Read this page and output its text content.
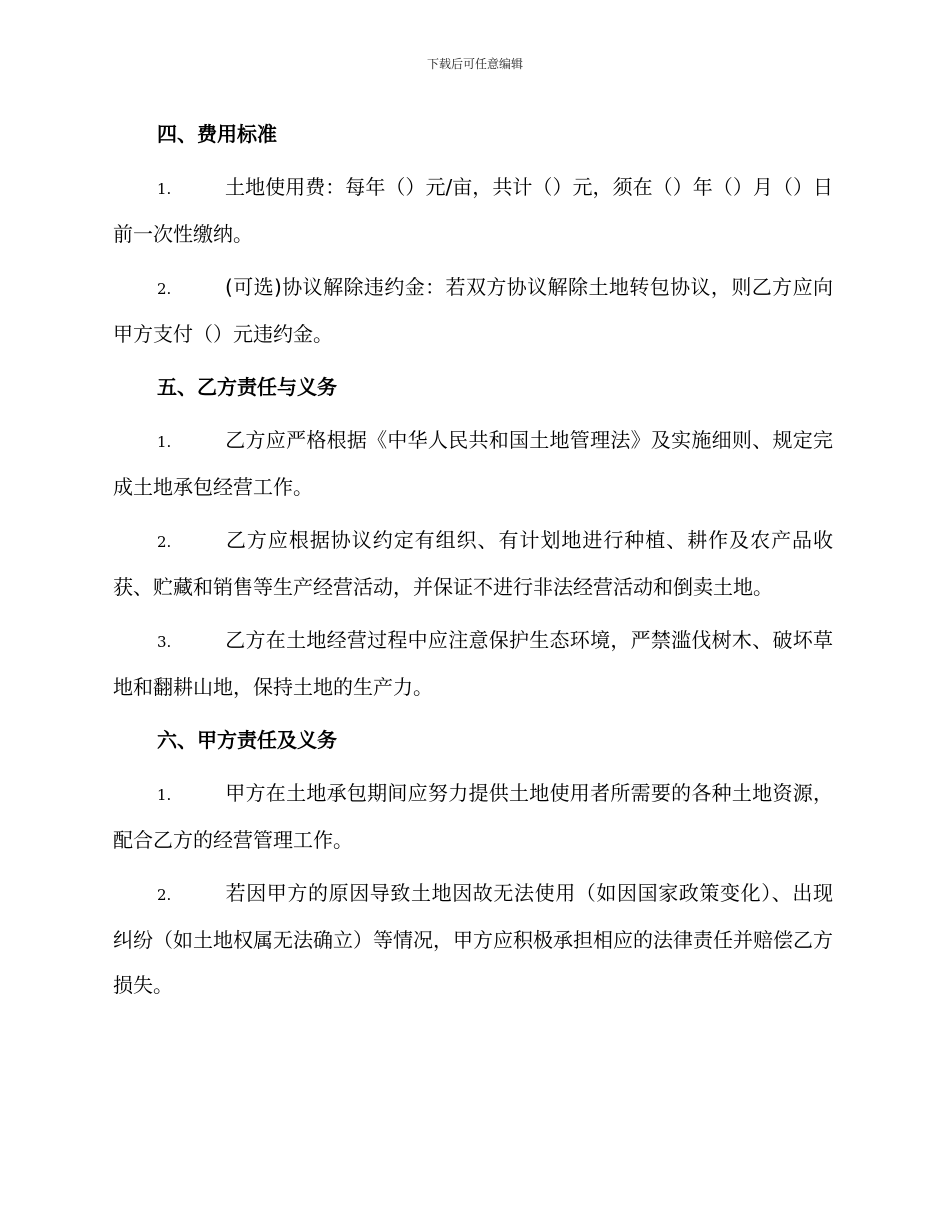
下载后可任意编辑
四、费用标准

1.	土地使用费：每年（）元/亩，共计（）元，须在（）年（）月（）日前一次性缴纳。

2.	(可选)协议解除违约金：若双方协议解除土地转包协议，则乙方应向甲方支付（）元违约金。

五、乙方责任与义务

1.	乙方应严格根据《中华人民共和国土地管理法》及实施细则、规定完成土地承包经营工作。

2.	乙方应根据协议约定有组织、有计划地进行种植、耕作及农产品收获、贮藏和销售等生产经营活动，并保证不进行非法经营活动和倒卖土地。

3.	乙方在土地经营过程中应注意保护生态环境，严禁滥伐树木、破坏草地和翻耕山地，保持土地的生产力。

六、甲方责任及义务

1.	甲方在土地承包期间应努力提供土地使用者所需要的各种土地资源，配合乙方的经营管理工作。

2.	若因甲方的原因导致土地因故无法使用（如因国家政策变化）、出现纠纷（如土地权属无法确立）等情况，甲方应积极承担相应的法律责任并赔偿乙方损失。
